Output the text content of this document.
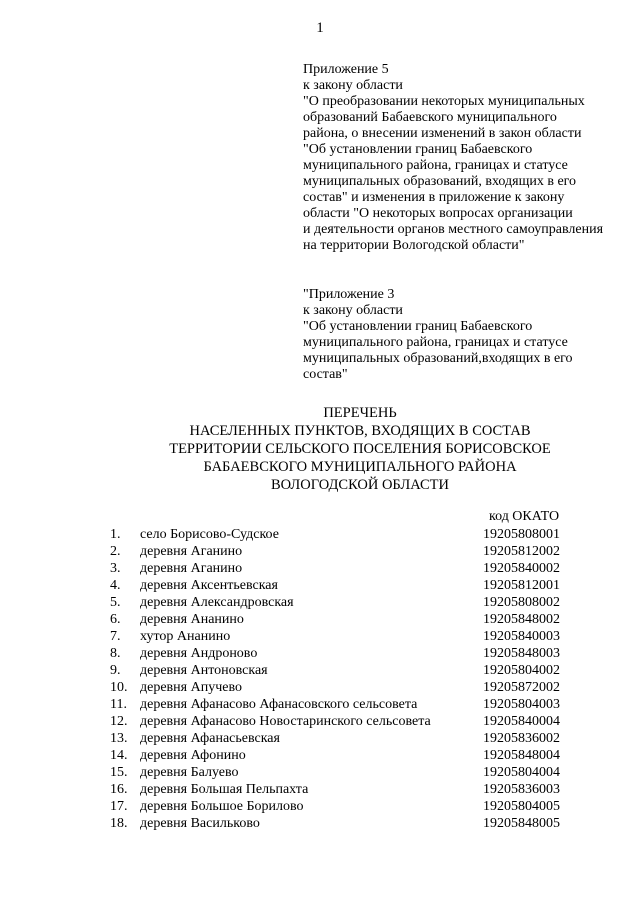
1
Приложение 5
к закону области
"О преобразовании некоторых муниципальных
образований Бабаевского муниципального
района, о внесении изменений в закон области
"Об установлении границ Бабаевского
муниципального района, границах и статусе
муниципальных образований, входящих в его
состав" и изменения в приложение к закону
области "О некоторых вопросах организации
и деятельности органов местного самоуправления
на территории Вологодской области"
"Приложение 3
к закону области
"Об установлении границ Бабаевского
муниципального района, границах и статусе
муниципальных образований,входящих в его
состав"
ПЕРЕЧЕНЬ
НАСЕЛЕННЫХ ПУНКТОВ, ВХОДЯЩИХ В СОСТАВ
ТЕРРИТОРИИ СЕЛЬСКОГО ПОСЕЛЕНИЯ БОРИСОВСКОЕ
БАБАЕВСКОГО МУНИЦИПАЛЬНОГО РАЙОНА
ВОЛОГОДСКОЙ ОБЛАСТИ
код ОКАТО
1.	село Борисово-Судское	19205808001
2.	деревня Аганино	19205812002
3.	деревня Аганино	19205840002
4.	деревня Аксентьевская	19205812001
5.	деревня Александровская	19205808002
6.	деревня Ананино	19205848002
7.	хутор Ананино	19205840003
8.	деревня Андроново	19205848003
9.	деревня Антоновская	19205804002
10. деревня Апучево	19205872002
11. деревня Афанасово Афанасовского сельсовета	19205804003
12. деревня Афанасово Новостаринского сельсовета	19205840004
13. деревня Афанасьевская	19205836002
14. деревня Афонино	19205848004
15. деревня Балуево	19205804004
16. деревня Большая Пельпахта	19205836003
17. деревня Большое Борилово	19205804005
18. деревня Васильково	19205848005
